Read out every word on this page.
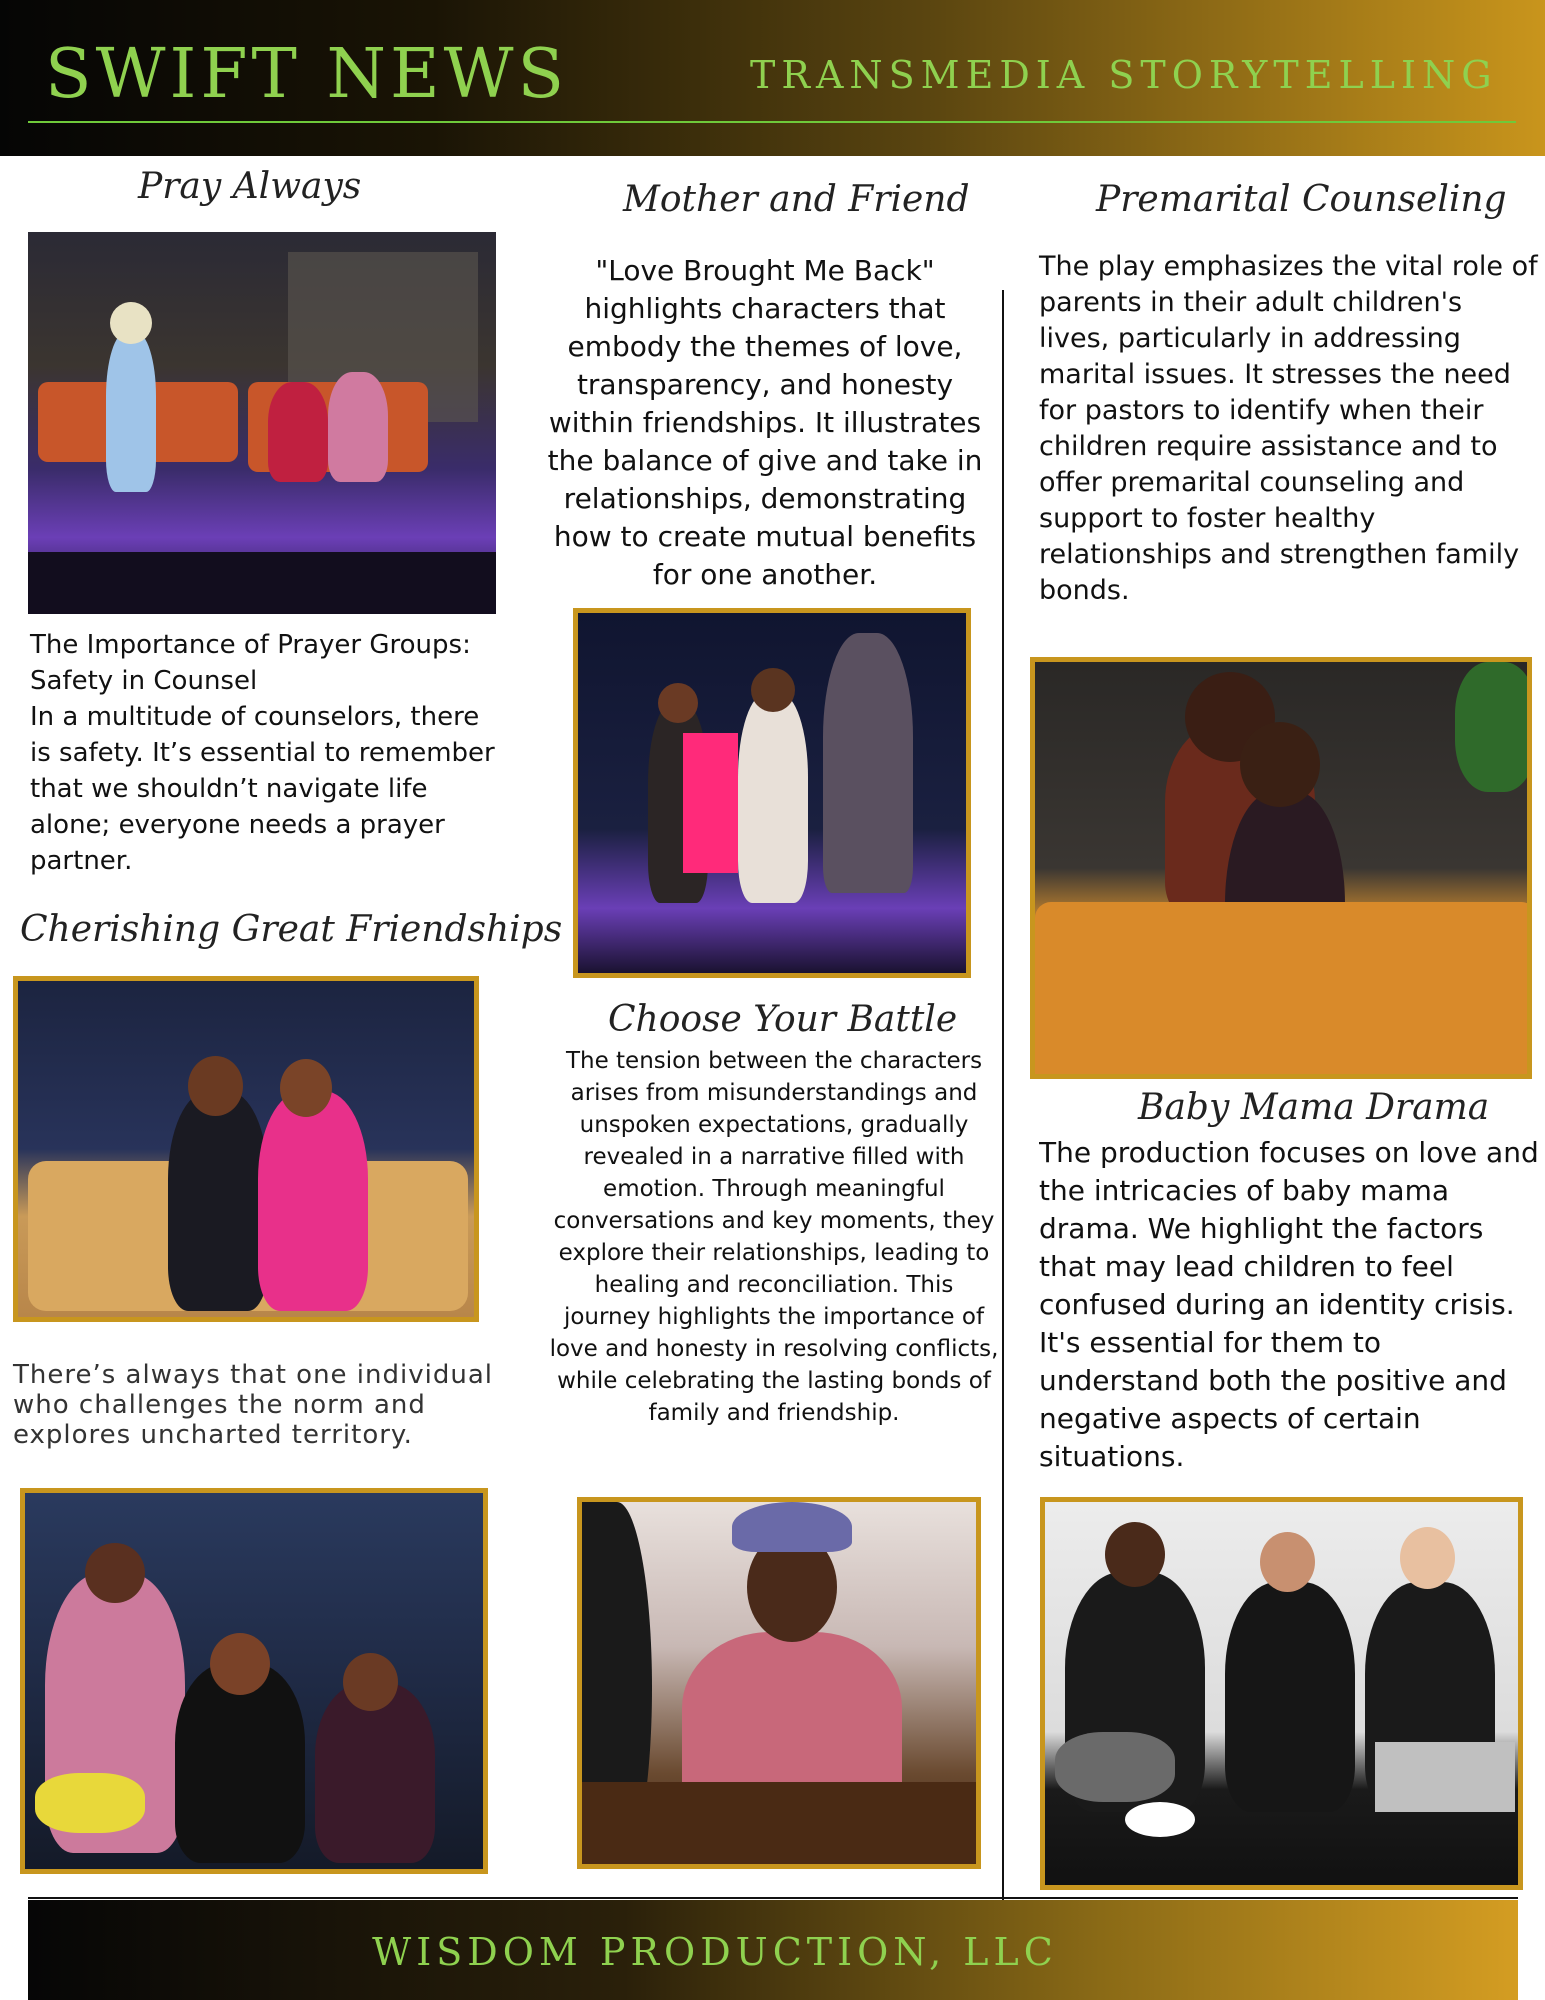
SWIFT NEWS	TRANSMEDIA STORYTELLING
Pray Always
The Importance of Prayer Groups: Safety in Counsel
In a multitude of counselors, there is safety. It’s essential to remember that we shouldn’t navigate life alone; everyone needs a prayer partner.
Cherishing Great Friendships
There’s always that one individual who challenges the norm and explores uncharted territory.
Mother and Friend
"Love Brought Me Back" highlights characters that embody the themes of love, transparency, and honesty within friendships. It illustrates the balance of give and take in relationships, demonstrating how to create mutual benefits for one another.
Choose Your Battle
The tension between the characters arises from misunderstandings and unspoken expectations, gradually revealed in a narrative filled with emotion. Through meaningful conversations and key moments, they explore their relationships, leading to healing and reconciliation. This journey highlights the importance of love and honesty in resolving conflicts, while celebrating the lasting bonds of family and friendship.
Premarital Counseling
The play emphasizes the vital role of parents in their adult children's lives, particularly in addressing marital issues. It stresses the need for pastors to identify when their children require assistance and to offer premarital counseling and support to foster healthy relationships and strengthen family bonds.
Baby Mama Drama
The production focuses on love and the intricacies of baby mama drama. We highlight the factors that may lead children to feel confused during an identity crisis. It's essential for them to understand both the positive and negative aspects of certain situations.
WISDOM PRODUCTION, LLC
